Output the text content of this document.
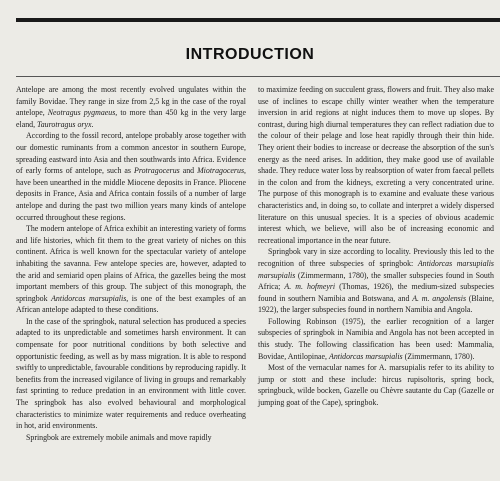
INTRODUCTION

Antelope are among the most recently evolved ungulates within the family Bovidae. They range in size from 2,5 kg in the case of the royal antelope, Neotragus pygmaeus, to more than 450 kg in the very large eland, Taurotragus oryx.

According to the fossil record, antelope probably arose together with our domestic ruminants from a common ancestor in southern Europe, spreading eastward into Asia and then southwards into Africa. Evidence of early forms of antelope, such as Protragocerus and Miotragocerus, have been unearthed in the middle Miocene deposits in France. Pliocene deposits in France, Asia and Africa contain fossils of a number of large antelope and during the past two million years many kinds of antelope occurred throughout these regions.

The modern antelope of Africa exhibit an interesting variety of forms and life histories, which fit them to the great variety of niches on this continent. Africa is well known for the spectacular variety of antelope inhabiting the savanna. Few antelope species are, however, adapted to the arid and semiarid open plains of Africa, the gazelles being the most important members of this group. The subject of this monograph, the springbok Antidorcas marsupialis, is one of the best examples of an African antelope adapted to these conditions.

In the case of the springbok, natural selection has produced a species adapted to its unpredictable and sometimes harsh environment. It can compensate for poor nutritional conditions by both selective and opportunistic feeding, as well as by mass migration. It is able to respond swiftly to unpredictable, favourable conditions by reproducing rapidly. It benefits from the increased vigilance of living in groups and remarkably fast sprinting to reduce predation in an environment with little cover. The springbok has also evolved behavioural and morphological characteristics to minimize water requirements and reduce overheating in hot, arid environments.

Springbok are extremely mobile animals and move rapidly

to maximize feeding on succulent grass, flowers and fruit. They also make use of inclines to escape chilly winter weather when the temperature inversion in arid regions at night induces them to move up slopes. By contrast, during high diurnal temperatures they can reflect radiation due to the colour of their pelage and lose heat rapidly through their thin hide. They orient their bodies to increase or decrease the absorption of the sun's energy as the need arises. In addition, they make good use of available shade. They reduce water loss by reabsorption of water from faecal pellets in the colon and from the kidneys, excreting a very concentrated urine. The purpose of this monograph is to examine and evaluate these various characteristics and, in doing so, to collate and interpret a widely dispersed literature on this unusual species. It is a species of obvious academic interest which, we believe, will also be of increasing economic and recreational importance in the near future.

Springbok vary in size according to locality. Previously this led to the recognition of three subspecies of springbok: Antidorcas marsupialis marsupialis (Zimmermann, 1780), the smaller subspecies found in South Africa; A. m. hofmeyri (Thomas, 1926), the medium-sized subspecies found in southern Namibia and Botswana, and A. m. angolensis (Blaine, 1922), the larger subspecies found in northern Namibia and Angola.

Following Robinson (1975), the earlier recognition of a larger subspecies of springbok in Namibia and Angola has not been accepted in this study. The following classification has been used: Mammalia, Bovidae, Antilopinae, Antidorcas marsupialis (Zimmermann, 1780).

Most of the vernacular names for A. marsupialis refer to its ability to jump or stott and these include: hircus rupisoltoris, spring bock, springbuck, wilde bocken, Gazelle ou Chèvre sautante du Cap (Gazelle or jumping goat of the Cape), springbok.
